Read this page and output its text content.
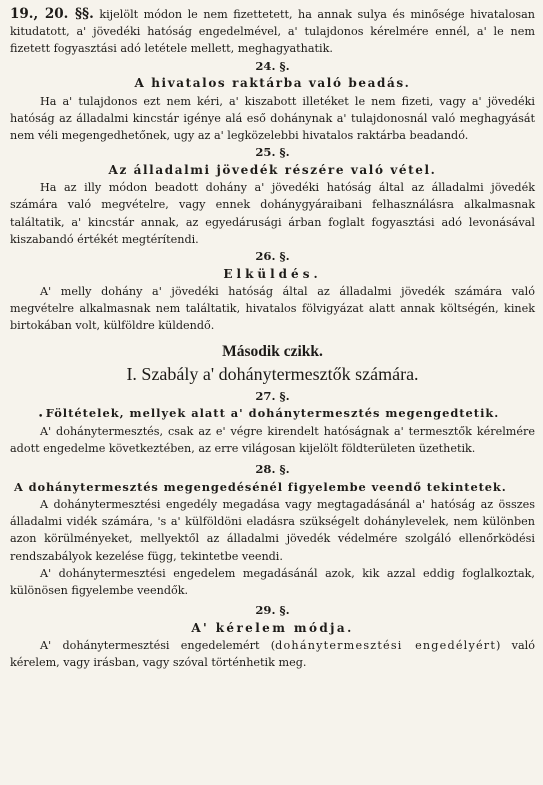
19., 20. §§. kijelölt módon le nem fizettetett, ha annak sulya és minősége hivatalosan kitudatott, a' jövedéki hatóság engedelmével, a' tulajdonos kérelmére ennél, a' le nem fizetett fogyasztási adó letétele mellett, meghagyathatik.

24. §.

A hivatalos raktárba való beadás.

Ha a' tulajdonos ezt nem kéri, a' kiszabott illetéket le nem fizeti, vagy a' jövedéki hatóság az álladalmi kincstár igénye alá eső dohánynak a' tulajdonosnál való meghagyását nem véli megengedhetőnek, ugy az a' legközelebbi hivatalos raktárba beadandó.

25. §.

Az álladalmi jövedék részére való vétel.

Ha az illy módon beadott dohány a' jövedéki hatóság által az álladalmi jövedék számára való megvételre, vagy ennek dohánygyáraibani felhasználásra alkalmasnak találtatik, a' kincstár annak, az egyedárusági árban foglalt fogyasztási adó levonásával kiszabandó értékét megtérítendi.

26. §.

Elküldés.

A' melly dohány a' jövedéki hatóság által az álladalmi jövedék számára való megvételre alkalmasnak nem találtatik, hivatalos fölvigyázat alatt annak költségén, kinek birtokában volt, külföldre küldendő.

Második czikk.

I. Szabály a' dohánytermesztők számára.

27. §.

Föltételek, mellyek alatt a' dohánytermesztés megengedtetik.

A' dohánytermesztés, csak az e' végre kirendelt hatóságnak a' termesztők kérelmére adott engedelme következtében, az erre világosan kijelölt földterületen üzethetik.

28. §.

A dohánytermesztés megengedésénél figyelembe veendő tekintetek.

A dohánytermesztési engedély megadása vagy megtagadásánál a' hatóság az összes álladalmi vidék számára, 's a' külföldöni eladásra szükségelt dohánylevelek, nem különben azon körülményeket, mellyektől az álladalmi jövedék védelmére szolgáló ellenőrködési rendszabályok kezelése függ, tekintetbe veendi.

A' dohánytermesztési engedelem megadásánál azok, kik azzal eddig foglalkoztak, különösen figyelembe veendők.

29. §.

A' kérelem módja.

A' dohánytermesztési engedelemért (dohánytermesztési engedélyért) való kérelem, vagy irásban, vagy szóval történhetik meg.

•
